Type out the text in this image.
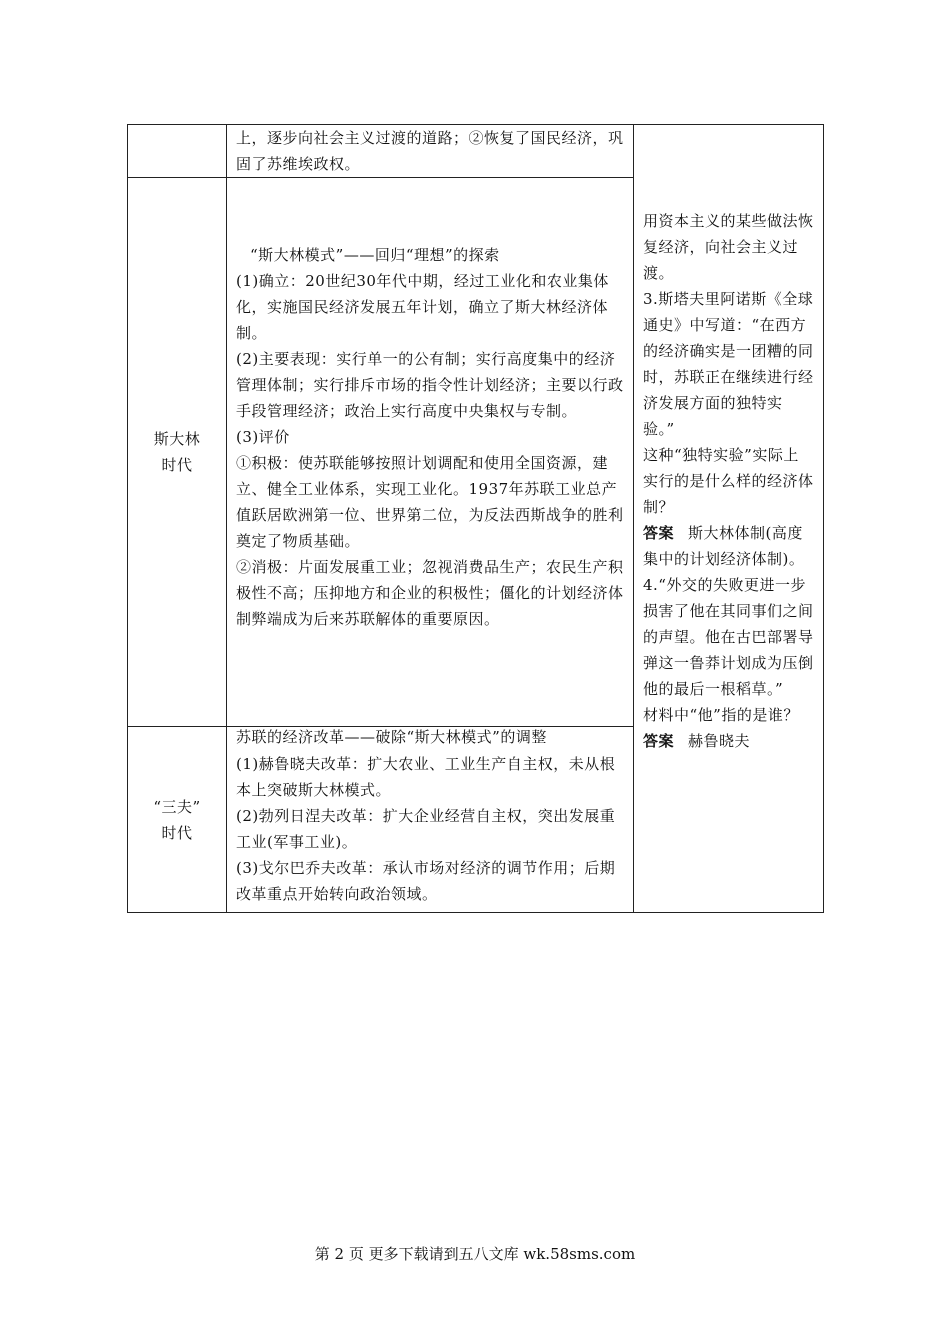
上，逐步向社会主义过渡的道路；②恢复了国民经济，巩固了苏维埃政权。

斯大林
时代

“斯大林模式”——回归“理想”的探索

(1)确立：20世纪30年代中期，经过工业化和农业集体化，实施国民经济发展五年计划，确立了斯大林经济体制。

(2)主要表现：实行单一的公有制；实行高度集中的经济管理体制；实行排斥市场的指令性计划经济；主要以行政手段管理经济；政治上实行高度中央集权与专制。

(3)评价

①积极：使苏联能够按照计划调配和使用全国资源，建立、健全工业体系，实现工业化。1937年苏联工业总产值跃居欧洲第一位、世界第二位，为反法西斯战争的胜利奠定了物质基础。

②消极：片面发展重工业；忽视消费品生产；农民生产积极性不高；压抑地方和企业的积极性；僵化的计划经济体制弊端成为后来苏联解体的重要原因。

“三夫”
时代

苏联的经济改革——破除“斯大林模式”的调整

(1)赫鲁晓夫改革：扩大农业、工业生产自主权，未从根本上突破斯大林模式。

(2)勃列日涅夫改革：扩大企业经营自主权，突出发展重工业(军事工业)。

(3)戈尔巴乔夫改革：承认市场对经济的调节作用；后期改革重点开始转向政治领域。

用资本主义的某些做法恢复经济，向社会主义过渡。

3.斯塔夫里阿诺斯《全球通史》中写道：“在西方的经济确实是一团糟的同时，苏联正在继续进行经济发展方面的独特实验。”

这种“独特实验”实际上实行的是什么样的经济体制？

答案 斯大林体制(高度集中的计划经济体制)。

4.“外交的失败更进一步损害了他在其同事们之间的声望。他在古巴部署导弹这一鲁莽计划成为压倒他的最后一根稻草。”

材料中“他”指的是谁？

答案 赫鲁晓夫

第 2 页 更多下载请到五八文库 wk.58sms.com
